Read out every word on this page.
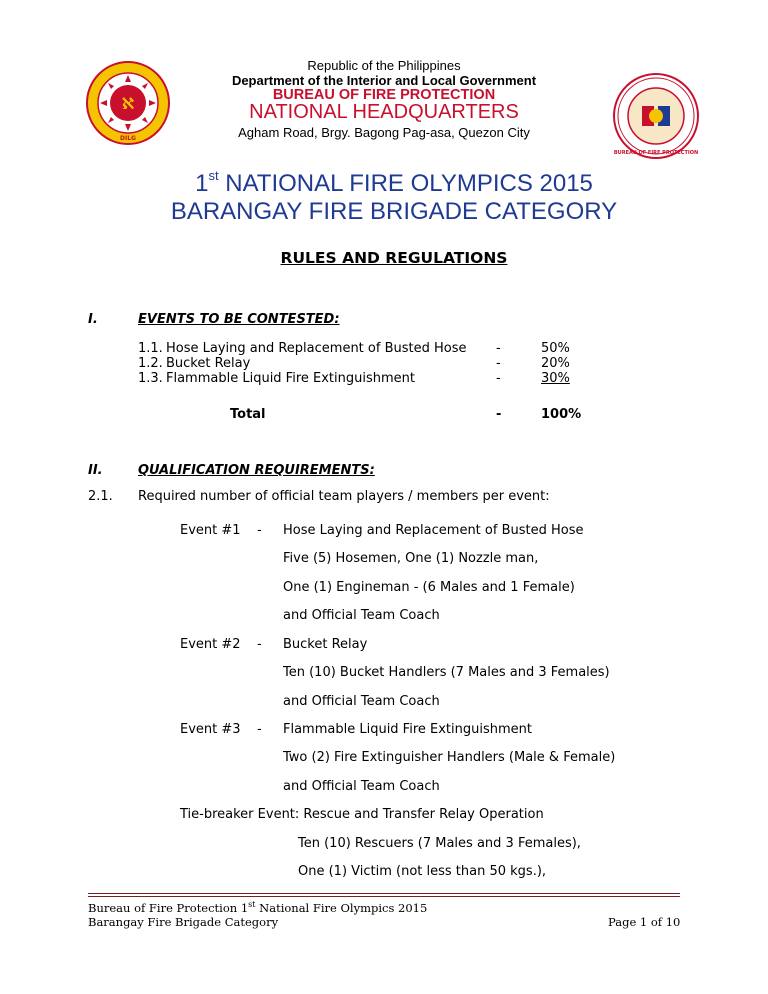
ℵ
DILG
BUREAU OF FIRE PROTECTION
Republic of the Philippines
Department of the Interior and Local Government
BUREAU OF FIRE PROTECTION
NATIONAL HEADQUARTERS
Agham Road, Brgy. Bagong Pag-asa, Quezon City
1st NATIONAL FIRE OLYMPICS 2015
BARANGAY FIRE BRIGADE CATEGORY
RULES AND REGULATIONS
I.	EVENTS TO BE CONTESTED:
1.1. Hose Laying and Replacement of Busted Hose -	50%
1.2. Bucket Relay	-	20%
1.3. Flammable Liquid Fire Extinguishment	-	30%
Total	-	100%
II.	QUALIFICATION REQUIREMENTS:
2.1. Required number of official team players / members per event:
Event #1 - Hose Laying and Replacement of Busted Hose
Five (5) Hosemen, One (1) Nozzle man,
One (1) Engineman - (6 Males and 1 Female)
and Official Team Coach
Event #2 - Bucket Relay
Ten (10) Bucket Handlers (7 Males and 3 Females)
and Official Team Coach
Event #3 - Flammable Liquid Fire Extinguishment
Two (2) Fire Extinguisher Handlers (Male & Female)
and Official Team Coach
Tie-breaker Event: Rescue and Transfer Relay Operation
Ten (10) Rescuers (7 Males and 3 Females),
One (1) Victim (not less than 50 kgs.),
Bureau of Fire Protection 1st National Fire Olympics 2015
Barangay Fire Brigade Category	Page 1 of 10
